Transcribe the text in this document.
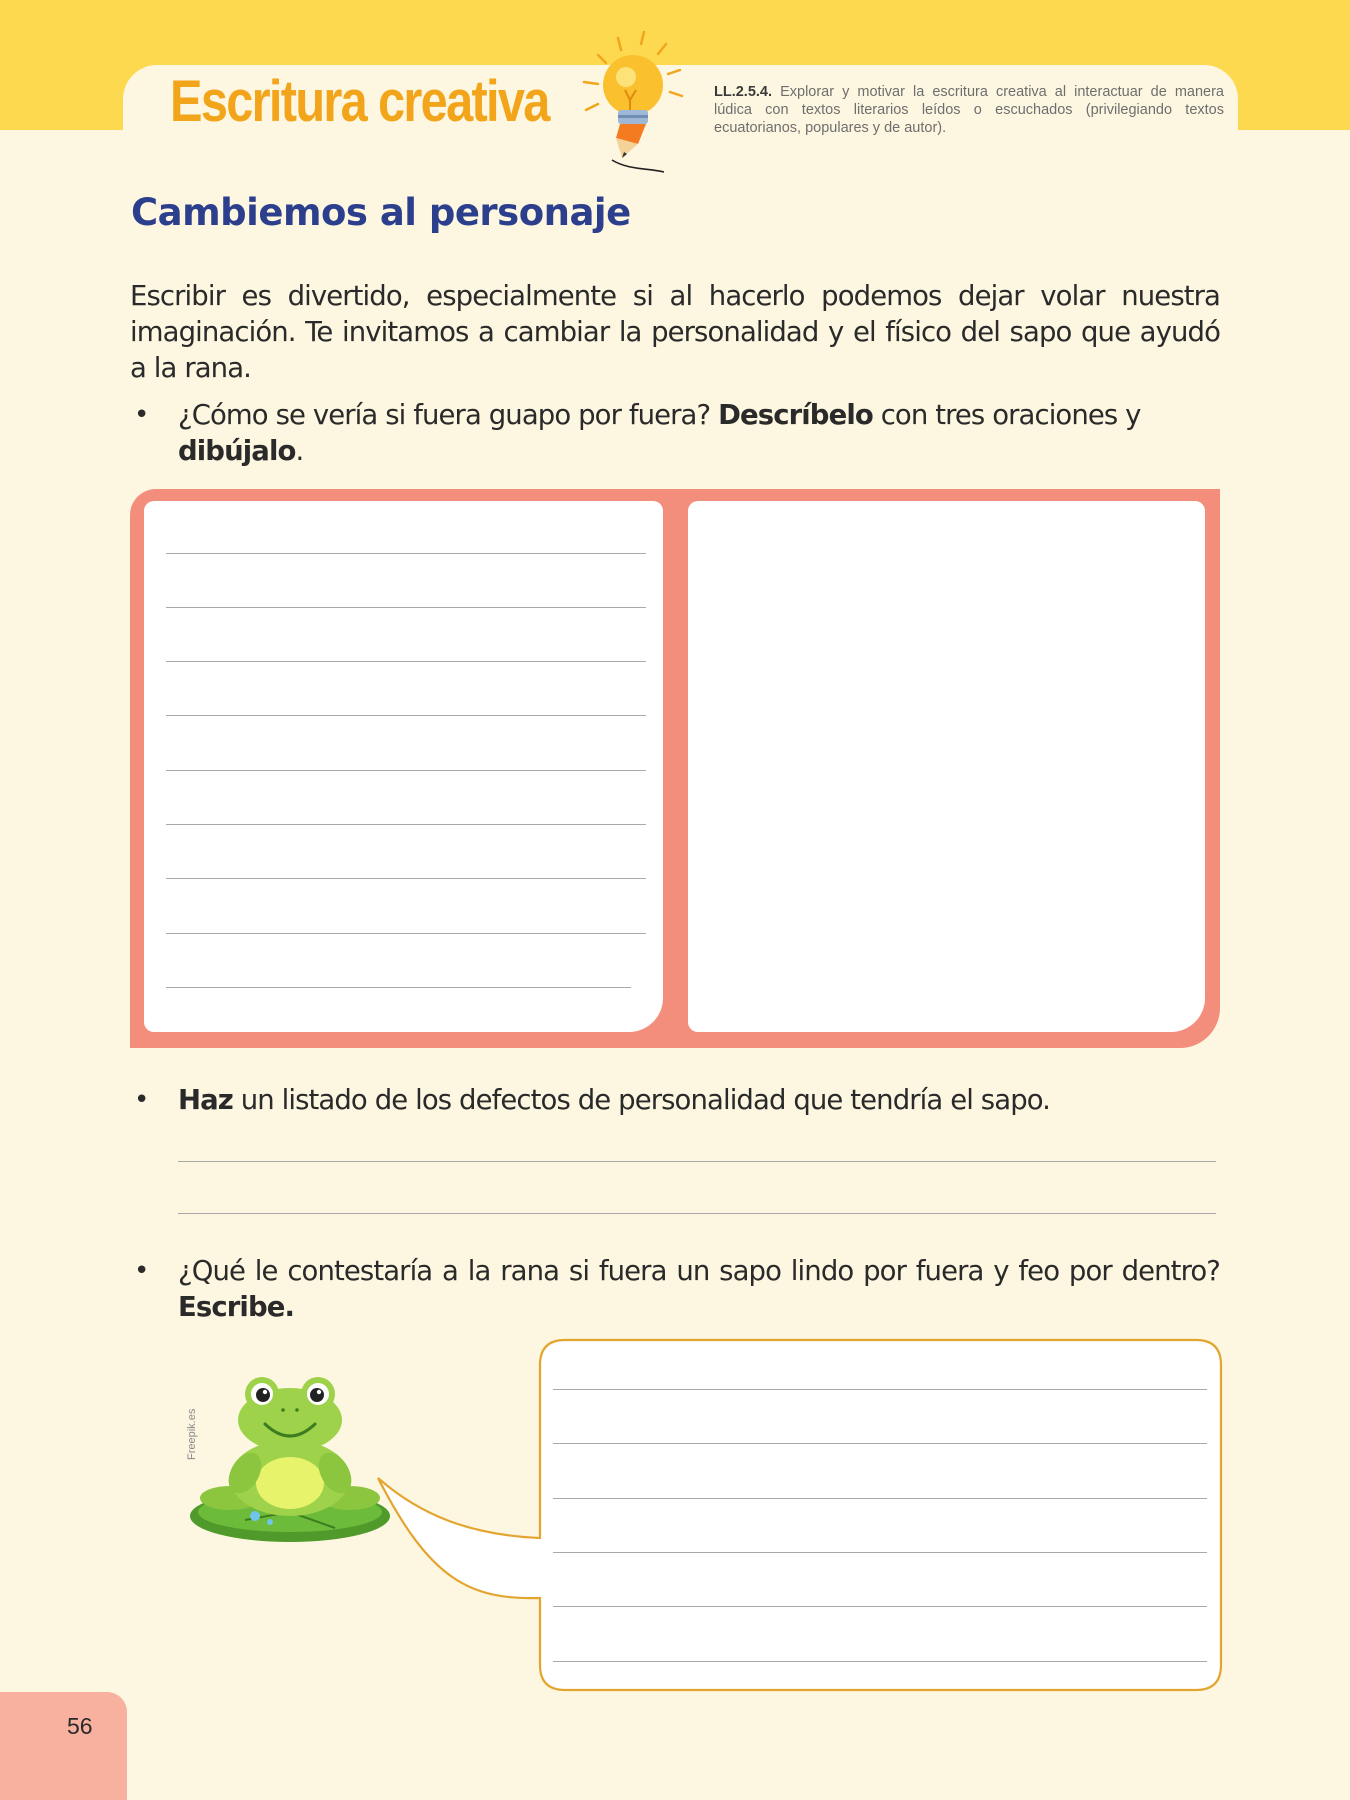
Escritura creativa	LL.2.5.4. Explorar y motivar la escritura creativa al interactuar de manera lúdica con textos literarios leídos o escuchados (privilegiando textos ecuatorianos, populares y de autor).
Cambiemos al personaje
Escribir es divertido, especialmente si al hacerlo podemos dejar volar nuestra imaginación. Te invitamos a cambiar la personalidad y el físico del sapo que ayudó a la rana.
• ¿Cómo se vería si fuera guapo por fuera? Descríbelo con tres oraciones y dibújalo.
• Haz un listado de los defectos de personalidad que tendría el sapo.
• ¿Qué le contestaría a la rana si fuera un sapo lindo por fuera y feo por dentro? Escribe.
Freepik.es
56
